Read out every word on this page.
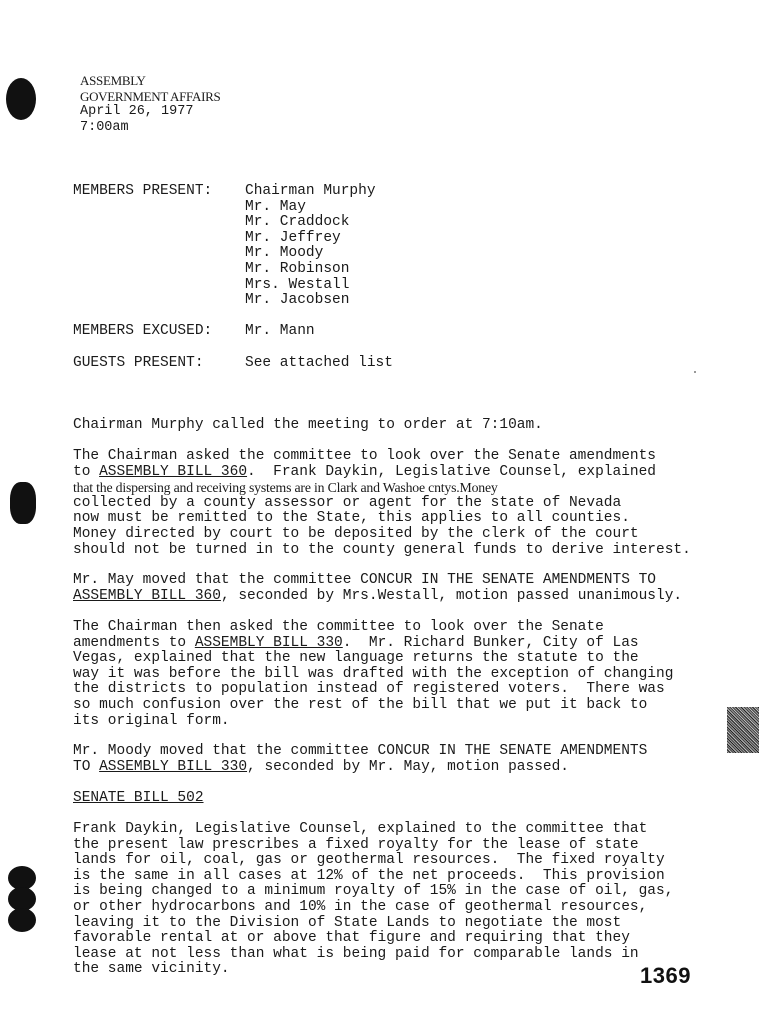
ASSEMBLY
GOVERNMENT AFFAIRS
April 26, 1977
7:00am
MEMBERS PRESENT: Chairman Murphy
Mr. May
Mr. Craddock
Mr. Jeffrey
Mr. Moody
Mr. Robinson
Mrs. Westall
Mr. Jacobsen
MEMBERS EXCUSED: Mr. Mann
GUESTS PRESENT:	See attached list

Chairman Murphy called the meeting to order at 7:10am.

The Chairman asked the committee to look over the Senate amendments

to ASSEMBLY BILL 360.  Frank Daykin, Legislative Counsel, explained

that the dispersing and receiving systems are in Clark and Washoe cntys.Money

collected by a county assessor or agent for the state of Nevada

now must be remitted to the State, this applies to all counties.

Money directed by court to be deposited by the clerk of the court

should not be turned in to the county general funds to derive interest.

Mr. May moved that the committee CONCUR IN THE SENATE AMENDMENTS TO

ASSEMBLY BILL 360, seconded by Mrs.Westall, motion passed unanimously.

The Chairman then asked the committee to look over the Senate

amendments to ASSEMBLY BILL 330.  Mr. Richard Bunker, City of Las

Vegas, explained that the new language returns the statute to the

way it was before the bill was drafted with the exception of changing

the districts to population instead of registered voters.  There was

so much confusion over the rest of the bill that we put it back to

its original form.

Mr. Moody moved that the committee CONCUR IN THE SENATE AMENDMENTS

TO ASSEMBLY BILL 330, seconded by Mr. May, motion passed.

SENATE BILL 502

Frank Daykin, Legislative Counsel, explained to the committee that

the present law prescribes a fixed royalty for the lease of state

lands for oil, coal, gas or geothermal resources.  The fixed royalty

is the same in all cases at 12% of the net proceeds.  This provision

is being changed to a minimum royalty of 15% in the case of oil, gas,

or other hydrocarbons and 10% in the case of geothermal resources,

leaving it to the Division of State Lands to negotiate the most

favorable rental at or above that figure and requiring that they

lease at not less than what is being paid for comparable lands in

the same vicinity.	1369
